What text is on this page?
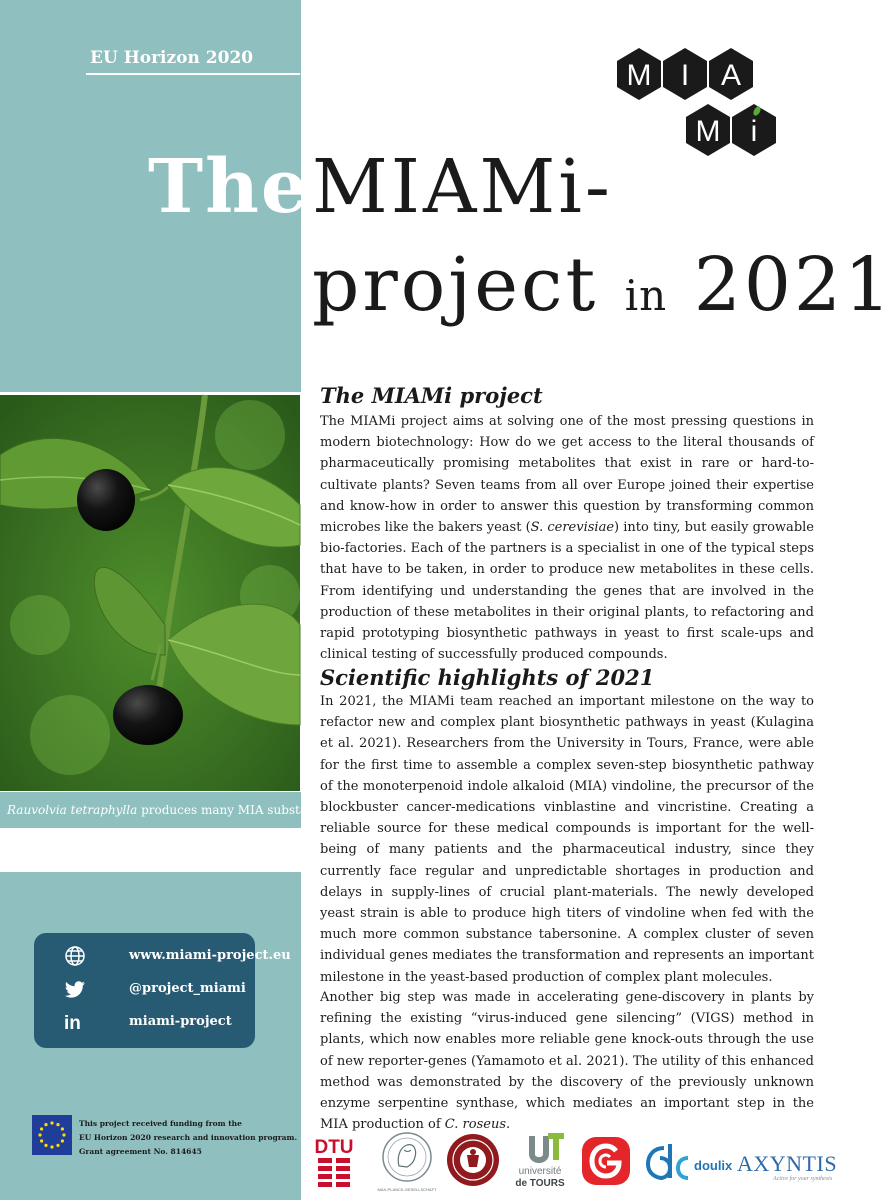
EU Horizon 2020

M I A
M i
The MIAMi-
project in 2021

Rauvolvia tetraphylla produces many MIA substances

The MIAMi project

The MIAMi project aims at solving one of the most pressing questions in modern biotechnology: How do we get access to the literal thousands of pharmaceutically promising metabolites that exist in rare or hard-to-cultivate plants? Seven teams from all over Europe joined their expertise and know-how in order to answer this question by transforming common microbes like the bakers yeast (S. cerevisiae) into tiny, but easily growable bio-factories. Each of the partners is a specialist in one of the typical steps that have to be taken, in order to produce new metabolites in these cells. From identifying und understanding the genes that are involved in the production of these metabolites in their original plants, to refactoring and rapid prototyping biosynthetic pathways in yeast to first scale-ups and clinical testing of successfully produced compounds.

Scientific highlights of 2021

In 2021, the MIAMi team reached an important milestone on the way to refactor new and complex plant biosynthetic pathways in yeast (Kulagina et al. 2021). Researchers from the University in Tours, France, were able for the first time to assemble a complex seven-step biosynthetic pathway of the monoterpenoid indole alkaloid (MIA) vindoline, the precursor of the blockbuster cancer-medications vinblastine and vincristine. Creating a reliable source for these medical compounds is important for the well-being of many patients and the pharmaceutical industry, since they currently face regular and unpredictable shortages in production and delays in supply-lines of crucial plant-materials. The newly developed yeast strain is able to produce high titers of vindoline when fed with the much more common substance tabersonine. A complex cluster of seven individual genes mediates the transformation and represents an important milestone in the yeast-based production of complex plant molecules.

Another big step was made in accelerating gene-discovery in plants by refining the existing “virus-induced gene silencing” (VIGS) method in plants, which now enables more reliable gene knock-outs through the use of new reporter-genes (Yamamoto et al. 2021). The utility of this enhanced method was demonstrated by the discovery of the previously unknown enzyme serpentine synthase, which mediates an important step in the MIA production of C. roseus.

www.miami-project.eu
@project_miami
in	miami-project

This project received funding from the
EU Horizon 2020 research and innovation program.
Grant agreement No. 814645	DTU
MAX-PLANCK-GESELLSCHAFT
université
de TOURS
doulix AXYNTIS
Active for your synthesis
